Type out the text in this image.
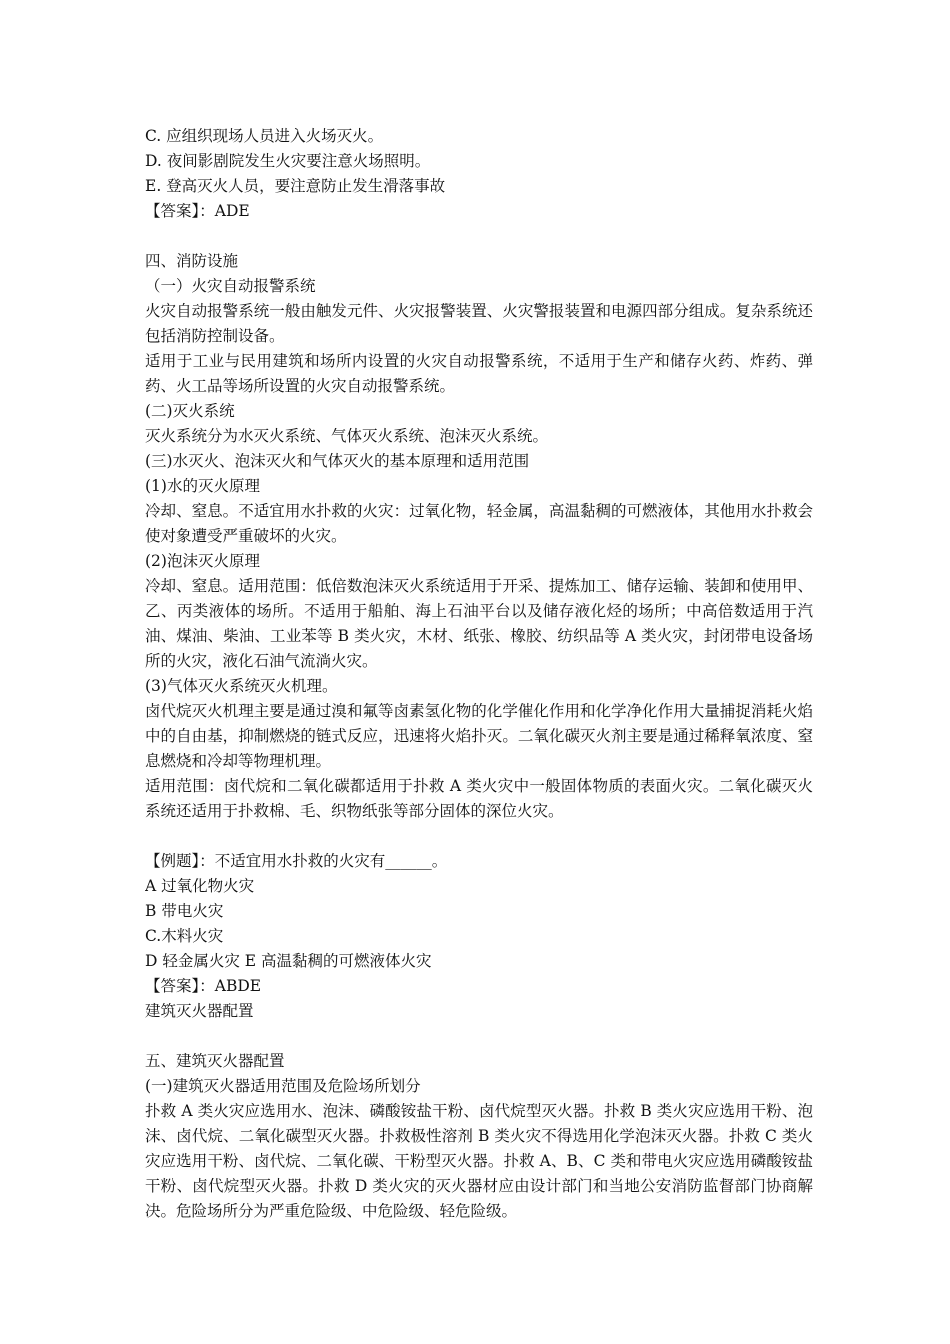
C. 应组织现场人员进入火场灭火。
D. 夜间影剧院发生火灾要注意火场照明。
E. 登高灭火人员，要注意防止发生滑落事故
【答案】：ADE
四、消防设施
（一）火灾自动报警系统

火灾自动报警系统一般由触发元件、火灾报警装置、火灾警报装置和电源四部分组成。复杂系统还包括消防控制设备。

适用于工业与民用建筑和场所内设置的火灾自动报警系统，不适用于生产和储存火药、炸药、弹药、火工品等场所设置的火灾自动报警系统。

(二)灭火系统
灭火系统分为水灭火系统、气体灭火系统、泡沫灭火系统。
(三)水灭火、泡沫灭火和气体灭火的基本原理和适用范围
(1)水的灭火原理

冷却、窒息。不适宜用水扑救的火灾：过氧化物，轻金属，高温黏稠的可燃液体，其他用水扑救会使对象遭受严重破坏的火灾。

(2)泡沫灭火原理

冷却、窒息。适用范围：低倍数泡沫灭火系统适用于开采、提炼加工、储存运输、装卸和使用甲、乙、丙类液体的场所。不适用于船舶、海上石油平台以及储存液化烃的场所；中高倍数适用于汽油、煤油、柴油、工业苯等 B 类火灾，木材、纸张、橡胶、纺织品等 A 类火灾，封闭带电设备场所的火灾，液化石油气流淌火灾。

(3)气体灭火系统灭火机理。

卤代烷灭火机理主要是通过溴和氟等卤素氢化物的化学催化作用和化学净化作用大量捕捉消耗火焰中的自由基，抑制燃烧的链式反应，迅速将火焰扑灭。二氧化碳灭火剂主要是通过稀释氧浓度、窒息燃烧和冷却等物理机理。

适用范围：卤代烷和二氧化碳都适用于扑救 A 类火灾中一般固体物质的表面火灾。二氧化碳灭火系统还适用于扑救棉、毛、织物纸张等部分固体的深位火灾。

【例题】：不适宜用水扑救的火灾有______。
A 过氧化物火灾
B 带电火灾
C.木料火灾
D 轻金属火灾 E 高温黏稠的可燃液体火灾
【答案】：ABDE
建筑灭火器配置
五、建筑灭火器配置
(一)建筑灭火器适用范围及危险场所划分

扑救 A 类火灾应选用水、泡沫、磷酸铵盐干粉、卤代烷型灭火器。扑救 B 类火灾应选用干粉、泡沫、卤代烷、二氧化碳型灭火器。扑救极性溶剂 B 类火灾不得选用化学泡沫灭火器。扑救 C 类火灾应选用干粉、卤代烷、二氧化碳、干粉型灭火器。扑救 A、B、C 类和带电火灾应选用磷酸铵盐干粉、卤代烷型灭火器。扑救 D 类火灾的灭火器材应由设计部门和当地公安消防监督部门协商解决。危险场所分为严重危险级、中危险级、轻危险级。
